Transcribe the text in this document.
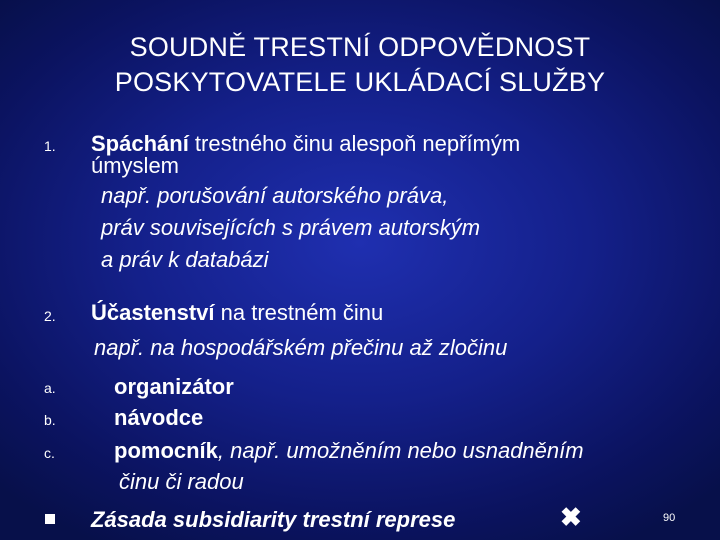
SOUDNĚ TRESTNÍ ODPOVĚDNOST
POSKYTOVATELE UKLÁDACÍ SLUŽBY
1. Spáchání trestného činu alespoň nepřímým
úmyslem
např. porušování autorského práva,
práv souvisejících s právem autorským
a práv k databázi
2. Účastenství na trestném činu
např. na hospodářském přečinu až zločinu
a.	organizátor
b.	návodce
c.	pomocník, např. umožněním nebo usnadněním
činu či radou
Zásada subsidiarity trestní represe	✖	90
